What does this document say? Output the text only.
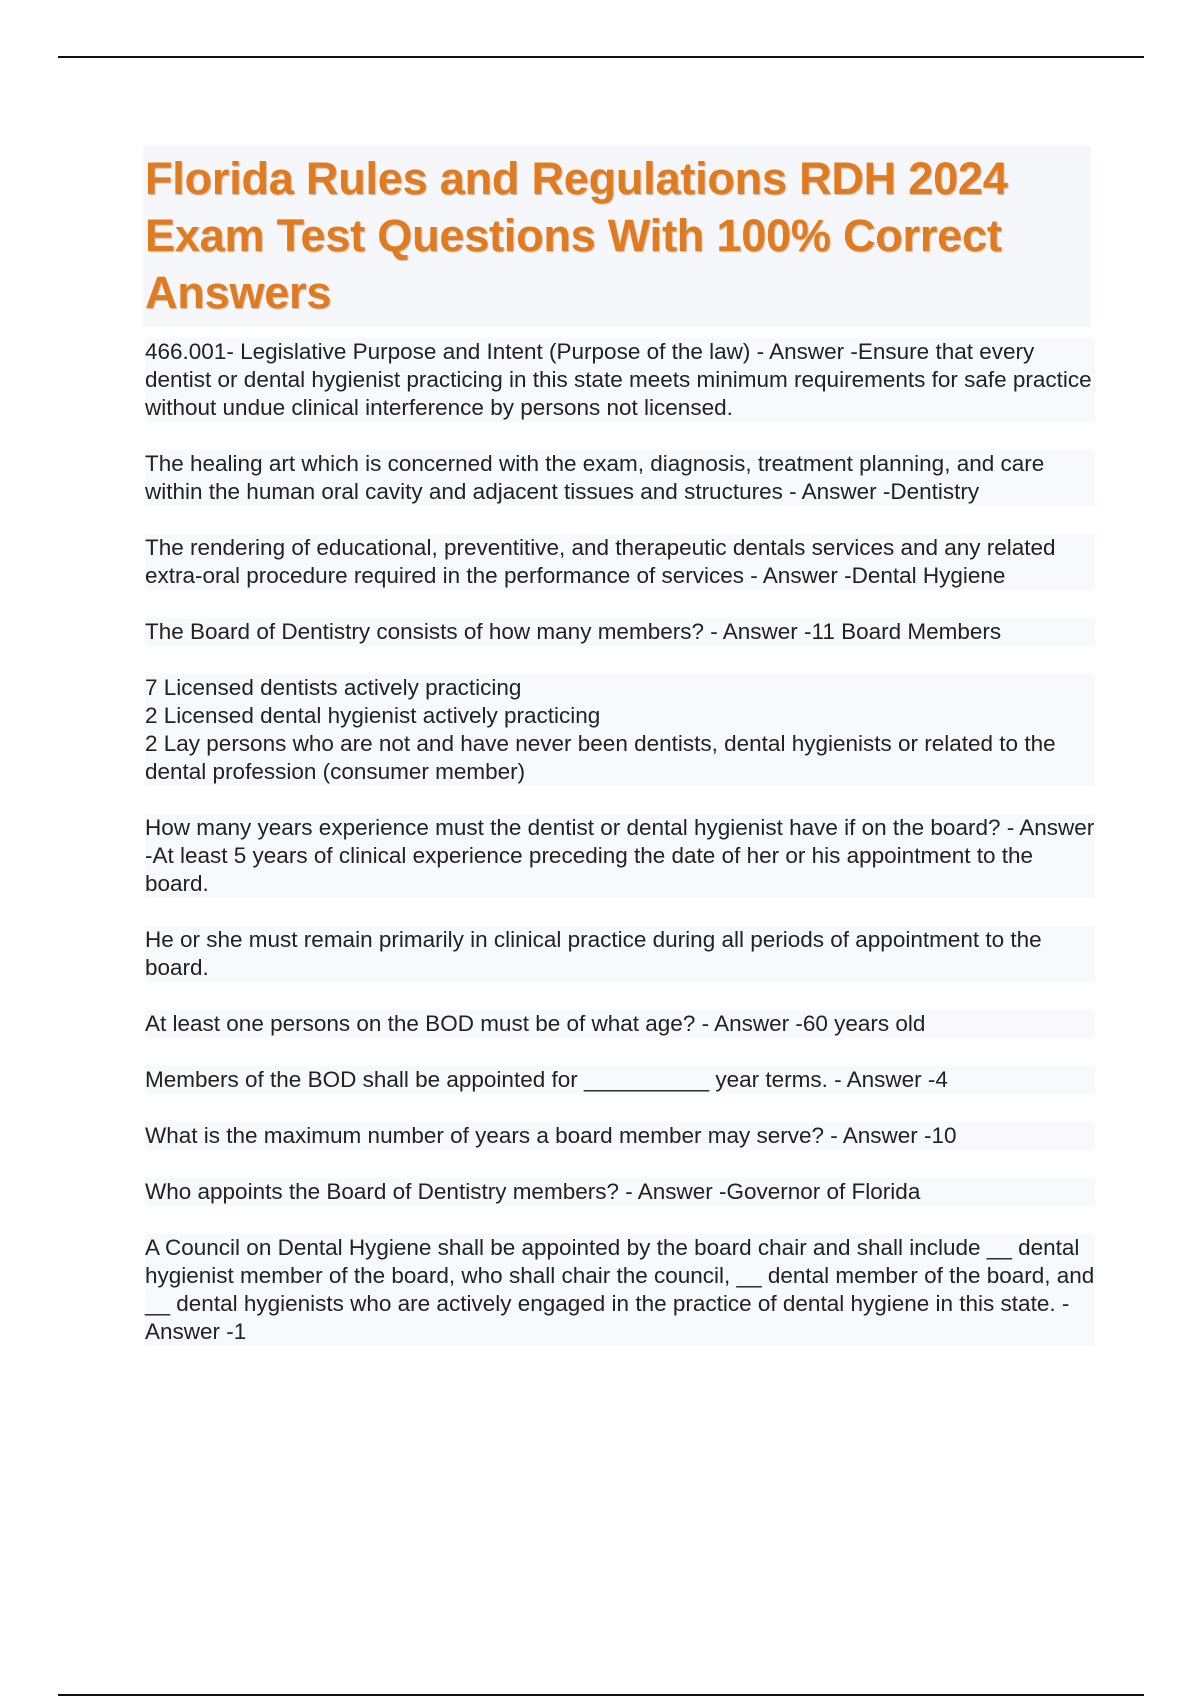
Florida Rules and Regulations RDH 2024 Exam Test Questions With 100% Correct Answers

466.001- Legislative Purpose and Intent (Purpose of the law) - Answer -Ensure that every dentist or dental hygienist practicing in this state meets minimum requirements for safe practice without undue clinical interference by persons not licensed.

The healing art which is concerned with the exam, diagnosis, treatment planning, and care within the human oral cavity and adjacent tissues and structures - Answer -Dentistry

The rendering of educational, preventitive, and therapeutic dentals services and any related extra-oral procedure required in the performance of services - Answer -Dental Hygiene

The Board of Dentistry consists of how many members? - Answer -11 Board Members

7 Licensed dentists actively practicing
2 Licensed dental hygienist actively practicing
2 Lay persons who are not and have never been dentists, dental hygienists or related to the dental profession (consumer member)

How many years experience must the dentist or dental hygienist have if on the board? - Answer -At least 5 years of clinical experience preceding the date of her or his appointment to the board.

He or she must remain primarily in clinical practice during all periods of appointment to the board.

At least one persons on the BOD must be of what age? - Answer -60 years old

Members of the BOD shall be appointed for __________ year terms. - Answer -4

What is the maximum number of years a board member may serve? - Answer -10

Who appoints the Board of Dentistry members? - Answer -Governor of Florida

A Council on Dental Hygiene shall be appointed by the board chair and shall include __ dental hygienist member of the board, who shall chair the council, __ dental member of the board, and __ dental hygienists who are actively engaged in the practice of dental hygiene in this state. - Answer -1
